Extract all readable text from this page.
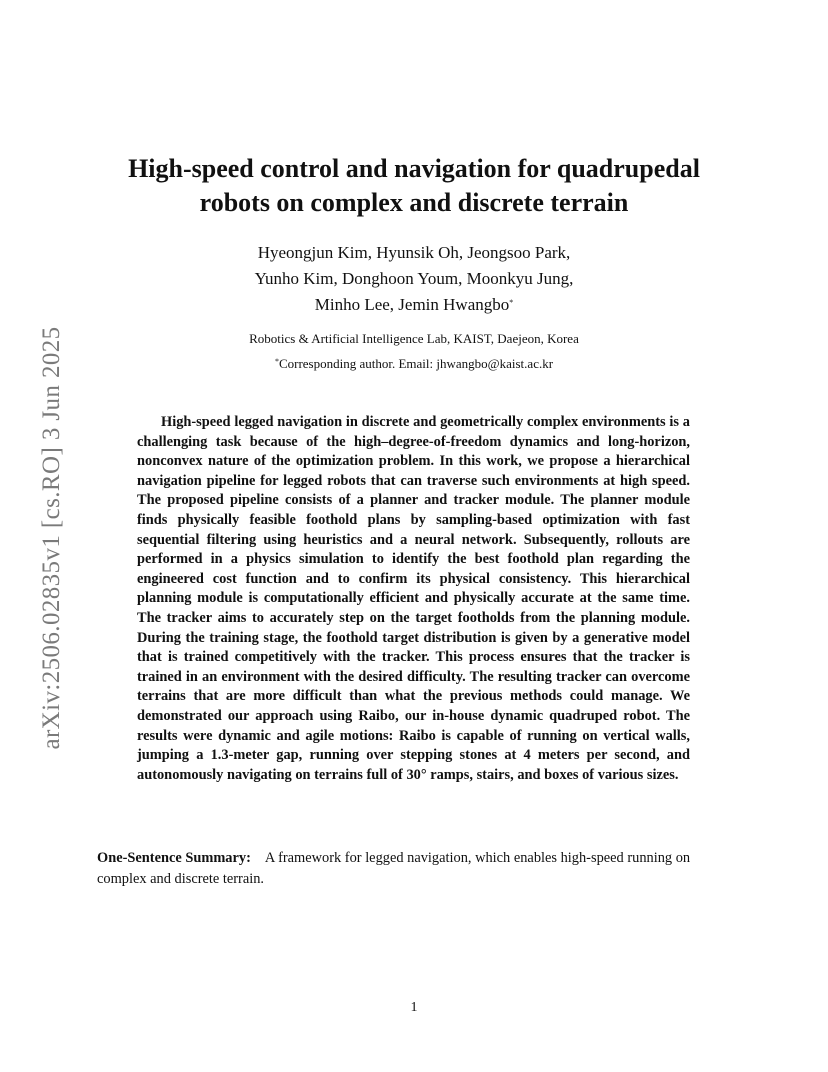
arXiv:2506.02835v1 [cs.RO] 3 Jun 2025
High-speed control and navigation for quadrupedal
robots on complex and discrete terrain
Hyeongjun Kim, Hyunsik Oh, Jeongsoo Park,
Yunho Kim, Donghoon Youm, Moonkyu Jung,
Minho Lee, Jemin Hwangbo*
Robotics & Artificial Intelligence Lab, KAIST, Daejeon, Korea
*Corresponding author. Email: jhwangbo@kaist.ac.kr

High-speed legged navigation in discrete and geometrically complex environments is a challenging task because of the high–degree-of-freedom dynamics and long-horizon, nonconvex nature of the optimization problem. In this work, we propose a hierarchical navigation pipeline for legged robots that can traverse such environments at high speed. The proposed pipeline consists of a planner and tracker module. The planner module finds physically feasible foothold plans by sampling-based optimization with fast sequential filtering using heuristics and a neural network. Subsequently, rollouts are performed in a physics simulation to identify the best foothold plan regarding the engineered cost function and to confirm its physical consistency. This hierarchical planning module is computationally efficient and physically accurate at the same time. The tracker aims to accurately step on the target footholds from the planning module. During the training stage, the foothold target distribution is given by a generative model that is trained competitively with the tracker. This process ensures that the tracker is trained in an environment with the desired difficulty. The resulting tracker can overcome terrains that are more difficult than what the previous methods could manage. We demonstrated our approach using Raibo, our in-house dynamic quadruped robot. The results were dynamic and agile motions: Raibo is capable of running on vertical walls, jumping a 1.3-meter gap, running over stepping stones at 4 meters per second, and autonomously navigating on terrains full of 30° ramps, stairs, and boxes of various sizes.

One-Sentence Summary: A framework for legged navigation, which enables high-speed running on complex and discrete terrain.

1
